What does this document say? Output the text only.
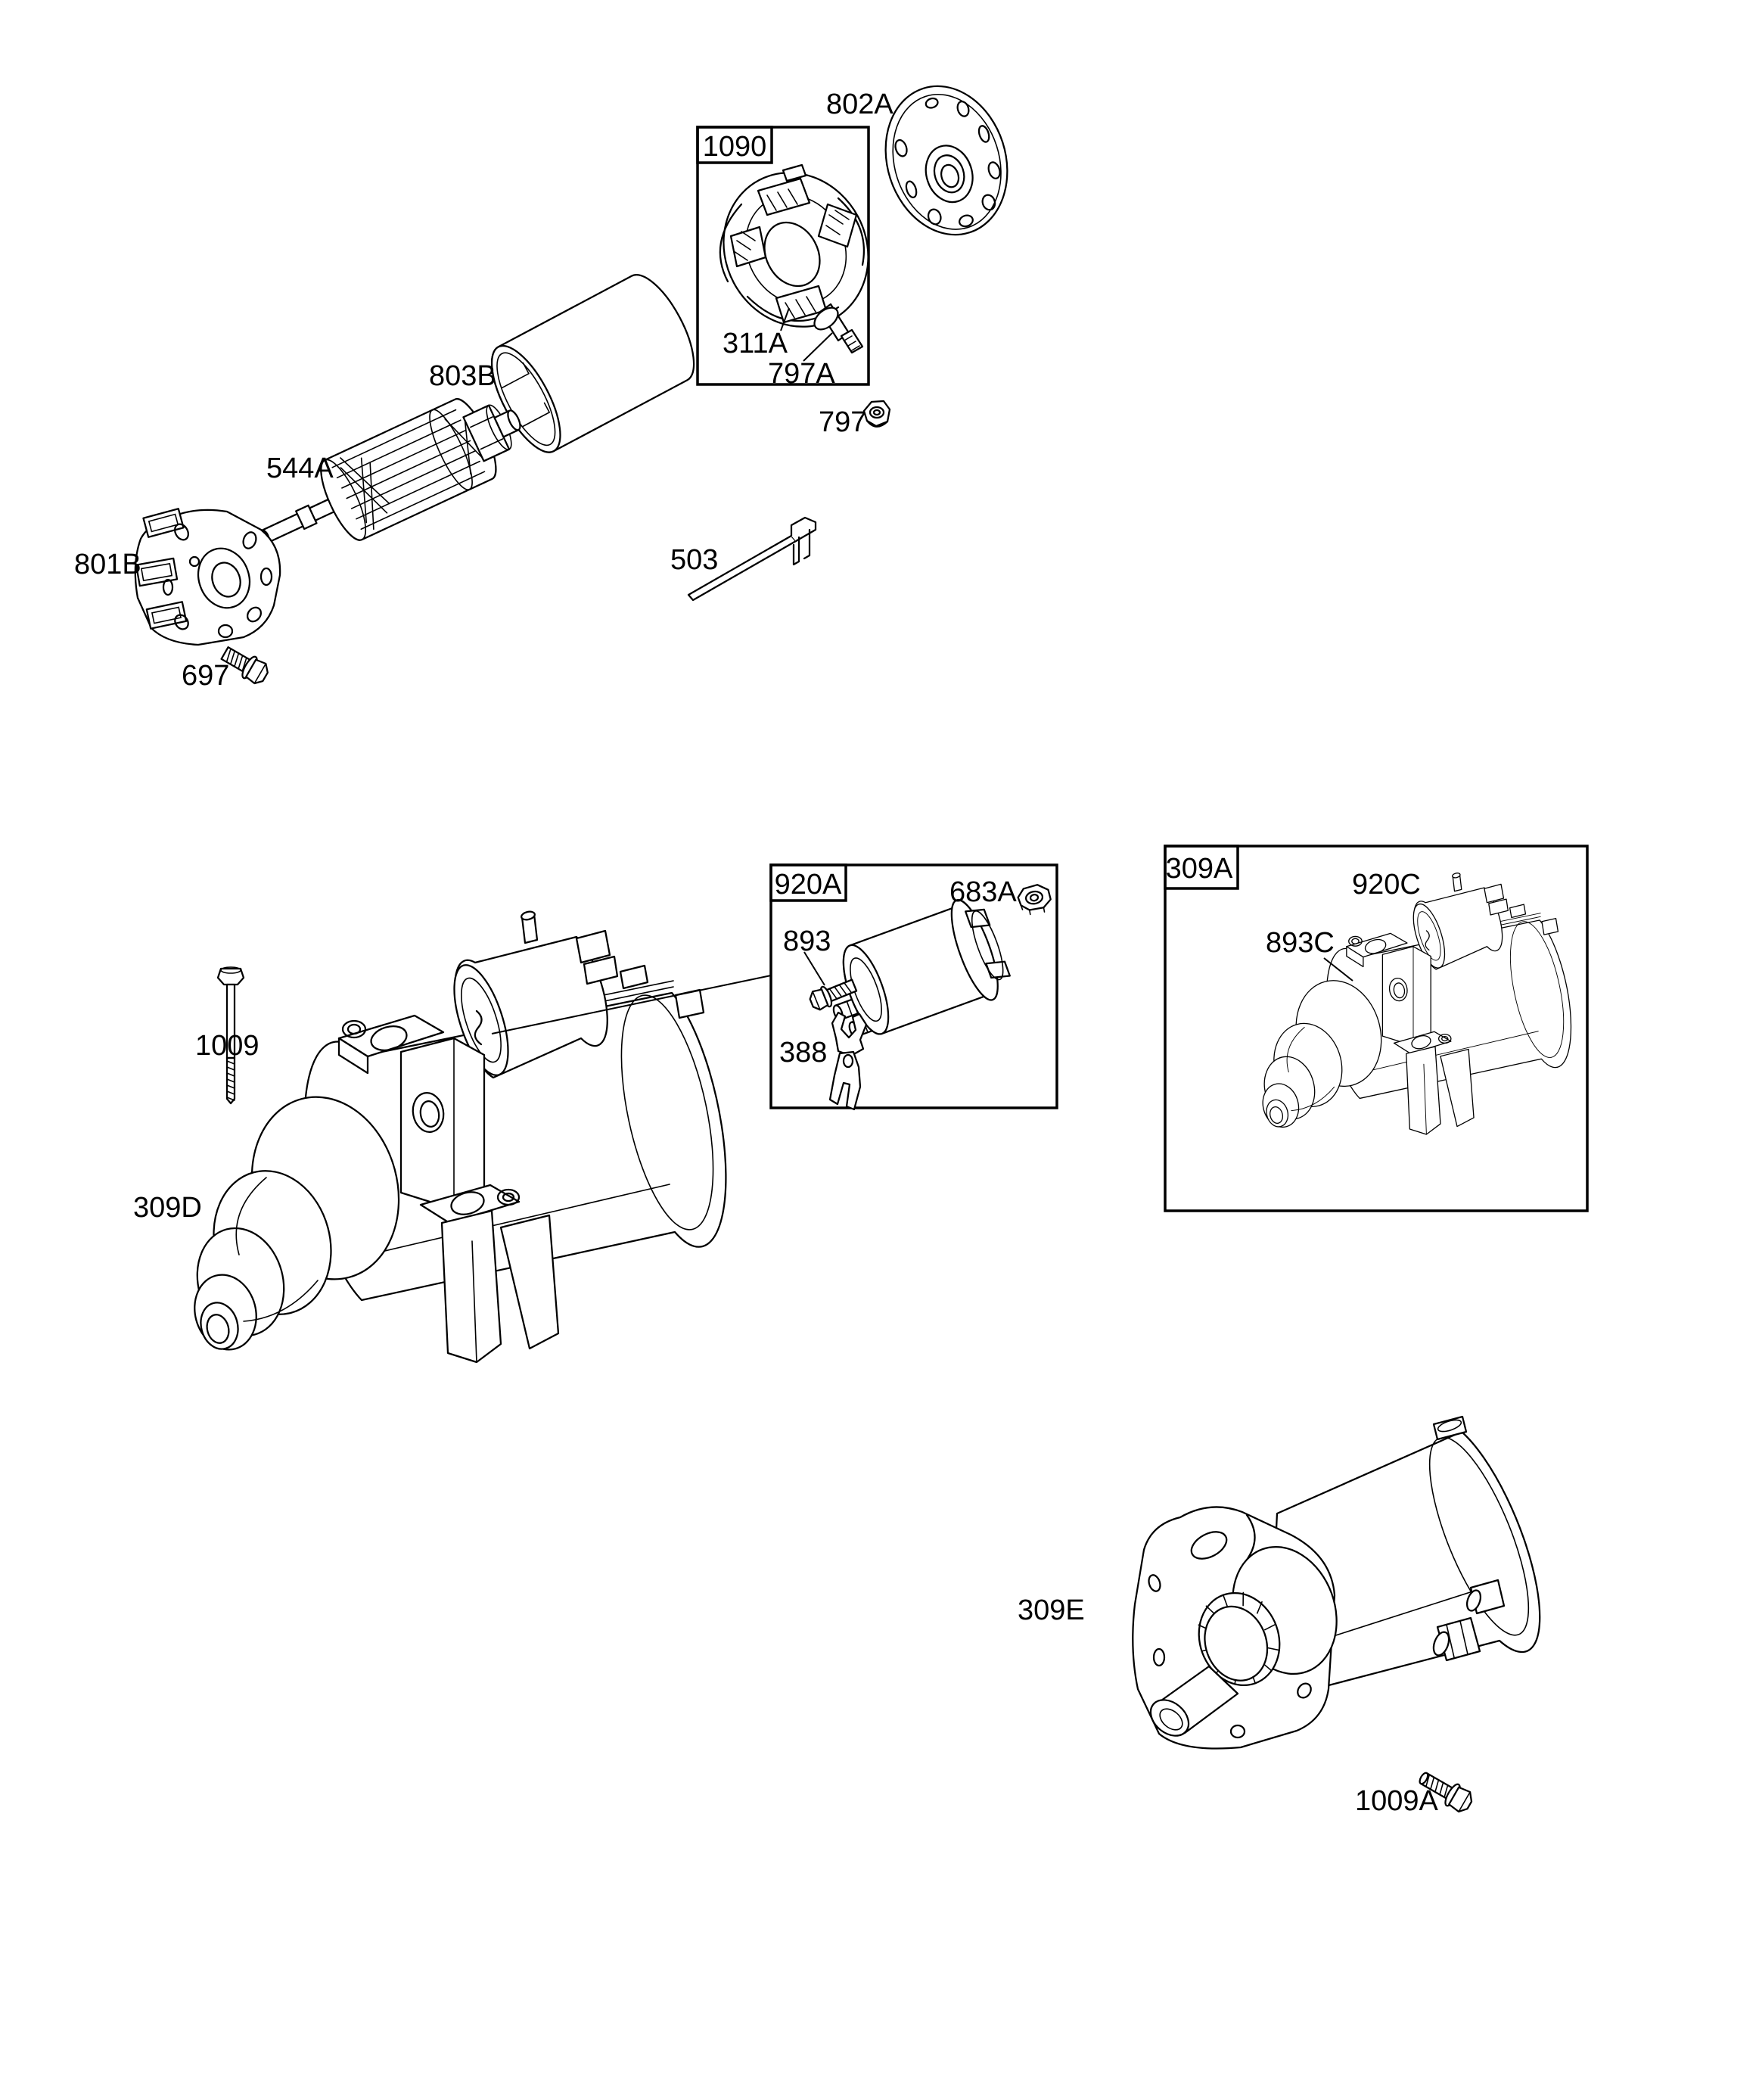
802A
1090
311A
797A
797
803B
544A
801B
697
503
920A	683A
893
388
1009
309D
309A	920C
893C
309E
1009A
